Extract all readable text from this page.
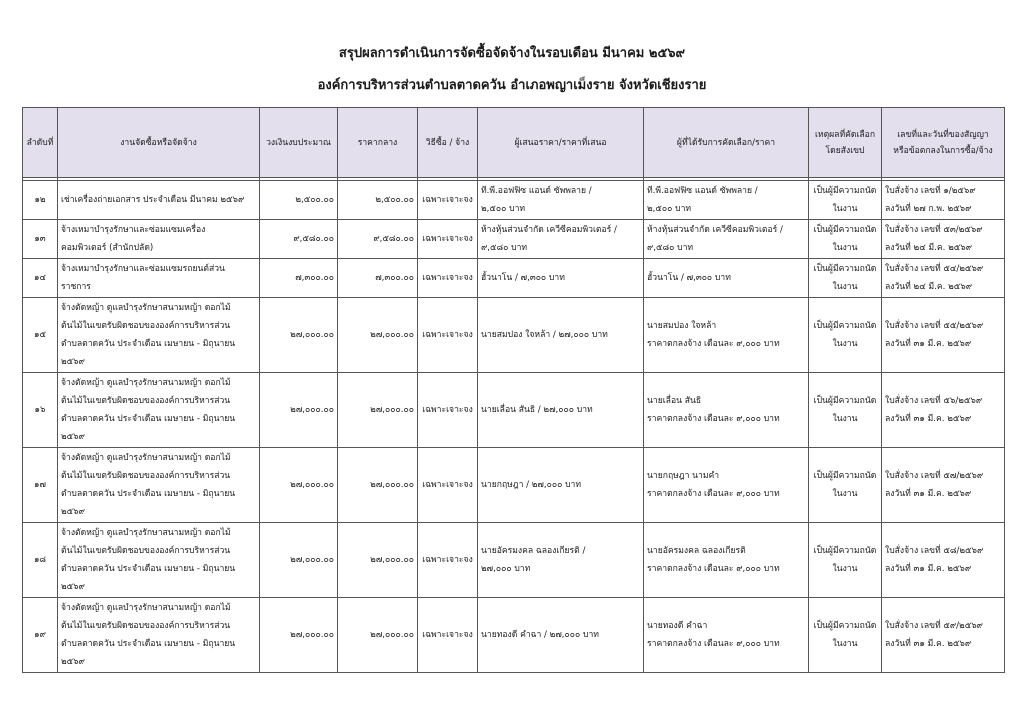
สรุปผลการดำเนินการจัดซื้อจัดจ้างในรอบเดือน มีนาคม ๒๕๖๙
องค์การบริหารส่วนตำบลตาดควัน อำเภอพญาเม็งราย จังหวัดเชียงราย
ลำดับที่	งานจัดซื้อหรือจัดจ้าง	วงเงินงบประมาณ	ราคากลาง	วิธีซื้อ / จ้าง	ผู้เสนอราคา/ราคาที่เสนอ	ผู้ที่ได้รับการคัดเลือก/ราคา	เหตุผลที่คัดเลือก
โดยสังเขป	เลขที่และวันที่ของสัญญา
หรือข้อตกลงในการซื้อ/จ้าง

๑๒	เช่าเครื่องถ่ายเอกสาร ประจำเดือน มีนาคม ๒๕๖๙	๒,๕๐๐.๐๐	๒,๕๐๐.๐๐	เฉพาะเจาะจง	ที.พี.ออฟฟิซ แอนด์ ซัพพลาย /
๒,๕๐๐ บาท	ที.พี.ออฟฟิซ แอนด์ ซัพพลาย /
๒,๕๐๐ บาท	เป็นผู้มีความถนัด
ในงาน	ใบสั่งจ้าง เลขที่ ๑/๒๕๖๙
ลงวันที่ ๒๗ ก.พ. ๒๕๖๙

๑๓	จ้างเหมาบำรุงรักษาและซ่อมแซมเครื่อง
คอมพิวเตอร์ (สำนักปลัด)	๙,๕๘๐.๐๐	๙,๕๘๐.๐๐	เฉพาะเจาะจง	ห้างหุ้นส่วนจำกัด เควีซีคอมพิวเตอร์ /
๙,๕๘๐ บาท	ห้างหุ้นส่วนจำกัด เควีซีคอมพิวเตอร์ /
๙,๕๘๐ บาท	เป็นผู้มีความถนัด
ในงาน	ใบสั่งจ้าง เลขที่ ๕๓/๒๕๖๙
ลงวันที่ ๒๔ มี.ค. ๒๕๖๙

๑๔	จ้างเหมาบำรุงรักษาและซ่อมแซมรถยนต์ส่วน
ราชการ	๗,๓๐๐.๐๐	๗,๓๐๐.๐๐	เฉพาะเจาะจง	ฮั้วนาโน / ๗,๓๐๐ บาท	ฮั้วนาโน / ๗,๓๐๐ บาท	เป็นผู้มีความถนัด
ในงาน	ใบสั่งจ้าง เลขที่ ๕๔/๒๕๖๙
ลงวันที่ ๒๔ มี.ค. ๒๕๖๙

๑๕	จ้างตัดหญ้า ดูแลบำรุงรักษาสนามหญ้า ดอกไม้
ต้นไม้ในเขตรับผิดชอบขององค์การบริหารส่วน
ตำบลตาดควัน ประจำเดือน เมษายน - มิถุนายน
๒๕๖๙	๒๗,๐๐๐.๐๐	๒๗,๐๐๐.๐๐	เฉพาะเจาะจง	นายสมปอง ใจหล้า / ๒๗,๐๐๐ บาท	นายสมปอง ใจหล้า
ราคาตกลงจ้าง เดือนละ ๙,๐๐๐ บาท	เป็นผู้มีความถนัด
ในงาน	ใบสั่งจ้าง เลขที่ ๕๕/๒๕๖๙
ลงวันที่ ๓๑ มี.ค. ๒๕๖๙

๑๖	จ้างตัดหญ้า ดูแลบำรุงรักษาสนามหญ้า ดอกไม้
ต้นไม้ในเขตรับผิดชอบขององค์การบริหารส่วน
ตำบลตาดควัน ประจำเดือน เมษายน - มิถุนายน
๒๕๖๙	๒๗,๐๐๐.๐๐	๒๗,๐๐๐.๐๐	เฉพาะเจาะจง	นายเลื่อน สันธิ / ๒๗,๐๐๐ บาท	นายเลื่อน สันธิ
ราคาตกลงจ้าง เดือนละ ๙,๐๐๐ บาท	เป็นผู้มีความถนัด
ในงาน	ใบสั่งจ้าง เลขที่ ๕๖/๒๕๖๙
ลงวันที่ ๓๑ มี.ค. ๒๕๖๙

๑๗	จ้างตัดหญ้า ดูแลบำรุงรักษาสนามหญ้า ดอกไม้
ต้นไม้ในเขตรับผิดชอบขององค์การบริหารส่วน
ตำบลตาดควัน ประจำเดือน เมษายน - มิถุนายน
๒๕๖๙	๒๗,๐๐๐.๐๐	๒๗,๐๐๐.๐๐	เฉพาะเจาะจง	นายกฤษฎา / ๒๗,๐๐๐ บาท	นายกฤษฎา นามคำ
ราคาตกลงจ้าง เดือนละ ๙,๐๐๐ บาท	เป็นผู้มีความถนัด
ในงาน	ใบสั่งจ้าง เลขที่ ๕๗/๒๕๖๙
ลงวันที่ ๓๑ มี.ค. ๒๕๖๙

๑๘	จ้างตัดหญ้า ดูแลบำรุงรักษาสนามหญ้า ดอกไม้
ต้นไม้ในเขตรับผิดชอบขององค์การบริหารส่วน
ตำบลตาดควัน ประจำเดือน เมษายน - มิถุนายน
๒๕๖๙	๒๗,๐๐๐.๐๐	๒๗,๐๐๐.๐๐	เฉพาะเจาะจง	นายอัครมงคล ฉลองเกียรติ /
๒๗,๐๐๐ บาท	นายอัครมงคล ฉลองเกียรติ
ราคาตกลงจ้าง เดือนละ ๙,๐๐๐ บาท	เป็นผู้มีความถนัด
ในงาน	ใบสั่งจ้าง เลขที่ ๕๘/๒๕๖๙
ลงวันที่ ๓๑ มี.ค. ๒๕๖๙

๑๙	จ้างตัดหญ้า ดูแลบำรุงรักษาสนามหญ้า ดอกไม้
ต้นไม้ในเขตรับผิดชอบขององค์การบริหารส่วน
ตำบลตาดควัน ประจำเดือน เมษายน - มิถุนายน
๒๕๖๙	๒๗,๐๐๐.๐๐	๒๗,๐๐๐.๐๐	เฉพาะเจาะจง	นายทองดี คำฉา / ๒๗,๐๐๐ บาท	นายทองดี คำฉา
ราคาตกลงจ้าง เดือนละ ๙,๐๐๐ บาท	เป็นผู้มีความถนัด
ในงาน	ใบสั่งจ้าง เลขที่ ๕๙/๒๕๖๙
ลงวันที่ ๓๑ มี.ค. ๒๕๖๙
